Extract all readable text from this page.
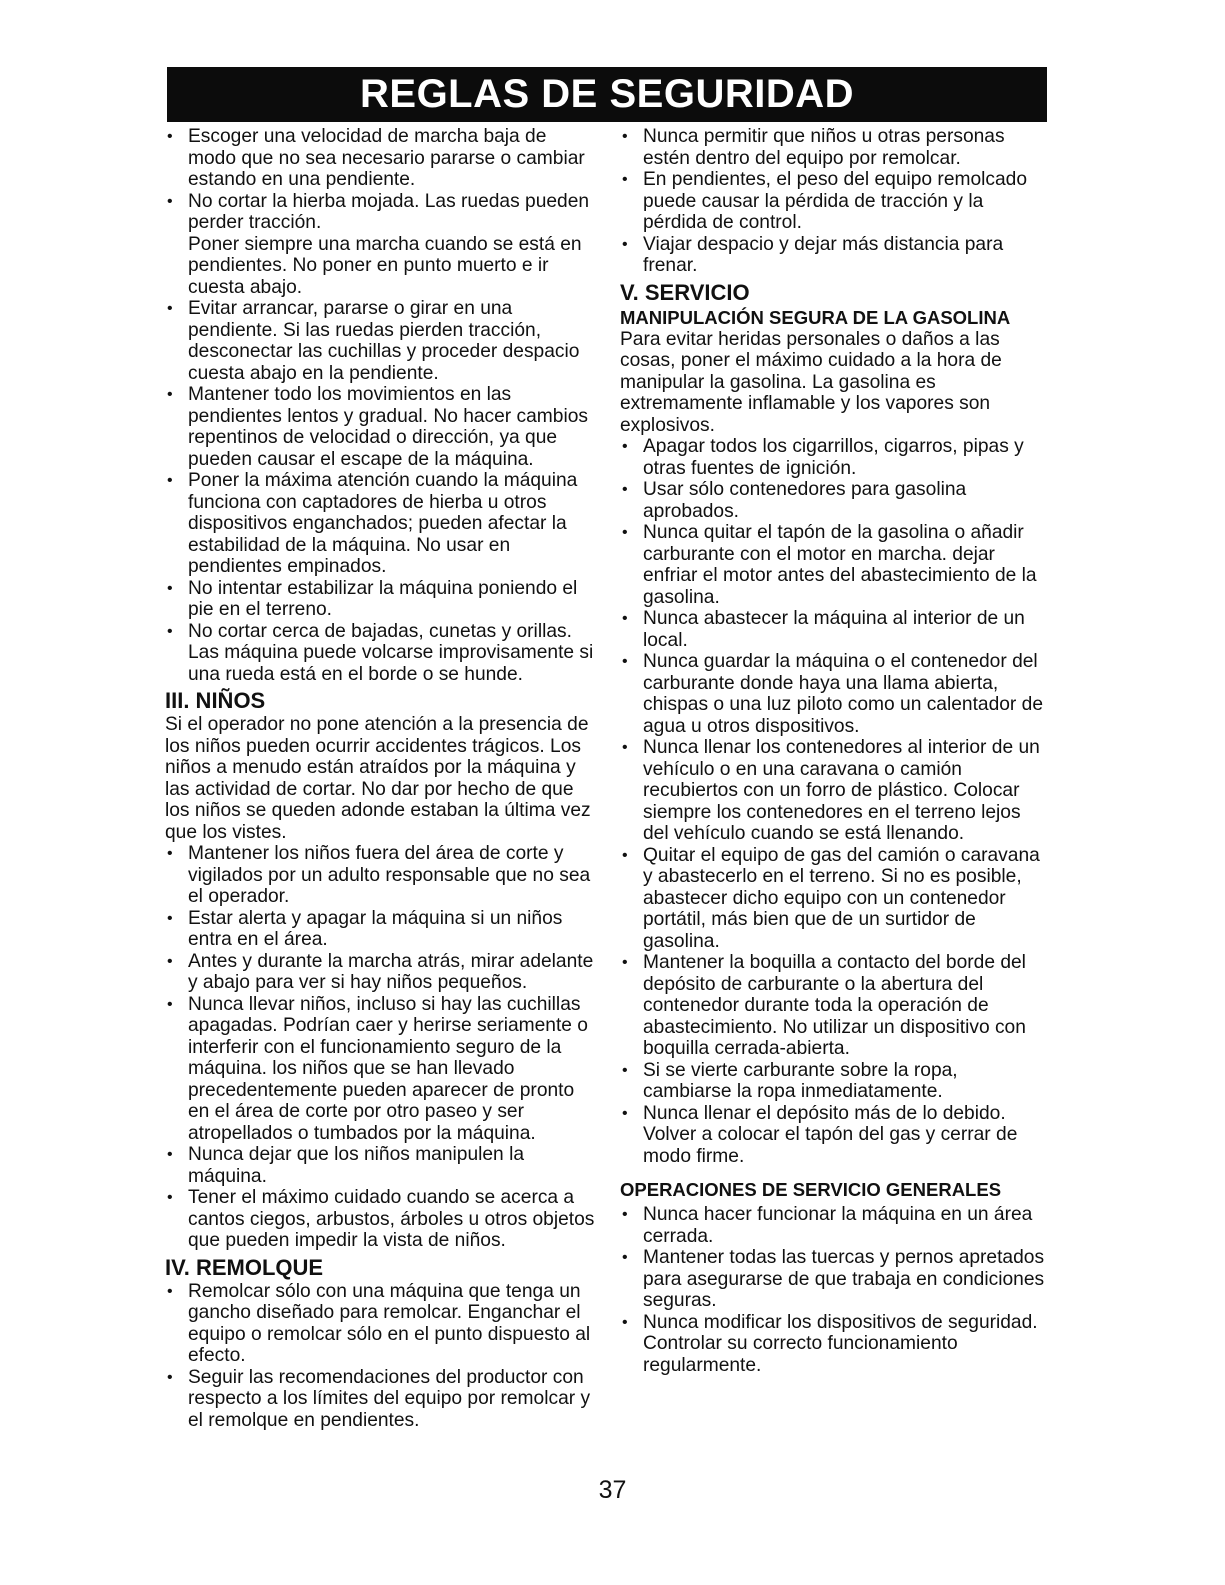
REGLAS DE SEGURIDAD
• Escoger una velocidad de marcha baja de modo que no sea necesario pararse o cambiar estando en una pendiente.
• No cortar la hierba mojada. Las ruedas pueden perder tracción.
Poner siempre una marcha cuando se está en pendientes. No poner en punto muerto e ir cuesta abajo.
• Evitar arrancar, pararse o girar en una pendiente. Si las ruedas pierden tracción, desconectar las cuchillas y proceder despacio cuesta abajo en la pendiente.
• Mantener todo los movimientos en las pendientes lentos y gradual. No hacer cambios repentinos de velocidad o dirección, ya que pueden causar el escape de la máquina.
• Poner la máxima atención cuando la máquina funciona con captadores de hierba u otros dispositivos enganchados; pueden afectar la estabilidad de la máquina. No usar en pendientes empinados.
• No intentar estabilizar la máquina poniendo el pie en el terreno.
• No cortar cerca de bajadas, cunetas y orillas. Las máquina puede volcarse improvisamente si una rueda está en el borde o se hunde.
III. NIÑOS

Si el operador no pone atención a la presencia de los niños pueden ocurrir accidentes trágicos. Los niños a menudo están atraídos por la máquina y las actividad de cortar. No dar por hecho de que los niños se queden adonde estaban la última vez que los vistes.

• Mantener los niños fuera del área de corte y vigilados por un adulto responsable que no sea el operador.
• Estar alerta y apagar la máquina si un niños entra en el área.
• Antes y durante la marcha atrás, mirar adelante y abajo para ver si hay niños pequeños.
• Nunca llevar niños, incluso si hay las cuchillas apagadas. Podrían caer y herirse seriamente o interferir con el funcionamiento seguro de la máquina. los niños que se han llevado precedentemente pueden aparecer de pronto en el área de corte por otro paseo y ser atropellados o tumbados por la máquina.
• Nunca dejar que los niños manipulen la máquina.
• Tener el máximo cuidado cuando se acerca a cantos ciegos, arbustos, árboles u otros objetos que pueden impedir la vista de niños.
IV. REMOLQUE
• Remolcar sólo con una máquina que tenga un gancho diseñado para remolcar. Enganchar el equipo o remolcar sólo en el punto dispuesto al efecto.
• Seguir las recomendaciones del productor con respecto a los límites del equipo por remolcar y el remolque en pendientes.
• Nunca permitir que niños u otras personas estén dentro del equipo por remolcar.
• En pendientes, el peso del equipo remolcado puede causar la pérdida de tracción y la pérdida de control.
• Viajar despacio y dejar más distancia para frenar.
V. SERVICIO
MANIPULACIÓN SEGURA DE LA GASOLINA

Para evitar heridas personales o daños a las cosas, poner el máximo cuidado a la hora de manipular la gasolina. La gasolina es extremamente inflamable y los vapores son explosivos.

• Apagar todos los cigarrillos, cigarros, pipas y otras fuentes de ignición.
• Usar sólo contenedores para gasolina aprobados.
• Nunca quitar el tapón de la gasolina o añadir carburante con el motor en marcha. dejar enfriar el motor antes del abastecimiento de la gasolina.
• Nunca abastecer la máquina al interior de un local.
• Nunca guardar la máquina o el contenedor del carburante donde haya una llama abierta, chispas o una luz piloto como un calentador de agua u otros dispositivos.
• Nunca llenar los contenedores al interior de un vehículo o en una caravana o camión recubiertos con un forro de plástico. Colocar siempre los contenedores en el terreno lejos del vehículo cuando se está llenando.
• Quitar el equipo de gas del camión o caravana y abastecerlo en el terreno. Si no es posible, abastecer dicho equipo con un contenedor portátil, más bien que de un surtidor de gasolina.
• Mantener la boquilla a contacto del borde del depósito de carburante o la abertura del contenedor durante toda la operación de abastecimiento. No utilizar un dispositivo con boquilla cerrada-abierta.
• Si se vierte carburante sobre la ropa, cambiarse la ropa inmediatamente.
• Nunca llenar el depósito más de lo debido. Volver a colocar el tapón del gas y cerrar de modo firme.
OPERACIONES DE SERVICIO GENERALES
• Nunca hacer funcionar la máquina en un área cerrada.
• Mantener todas las tuercas y pernos apretados para asegurarse de que trabaja en condiciones seguras.
• Nunca modificar los dispositivos de seguridad. Controlar su correcto funcionamiento regularmente.
37
